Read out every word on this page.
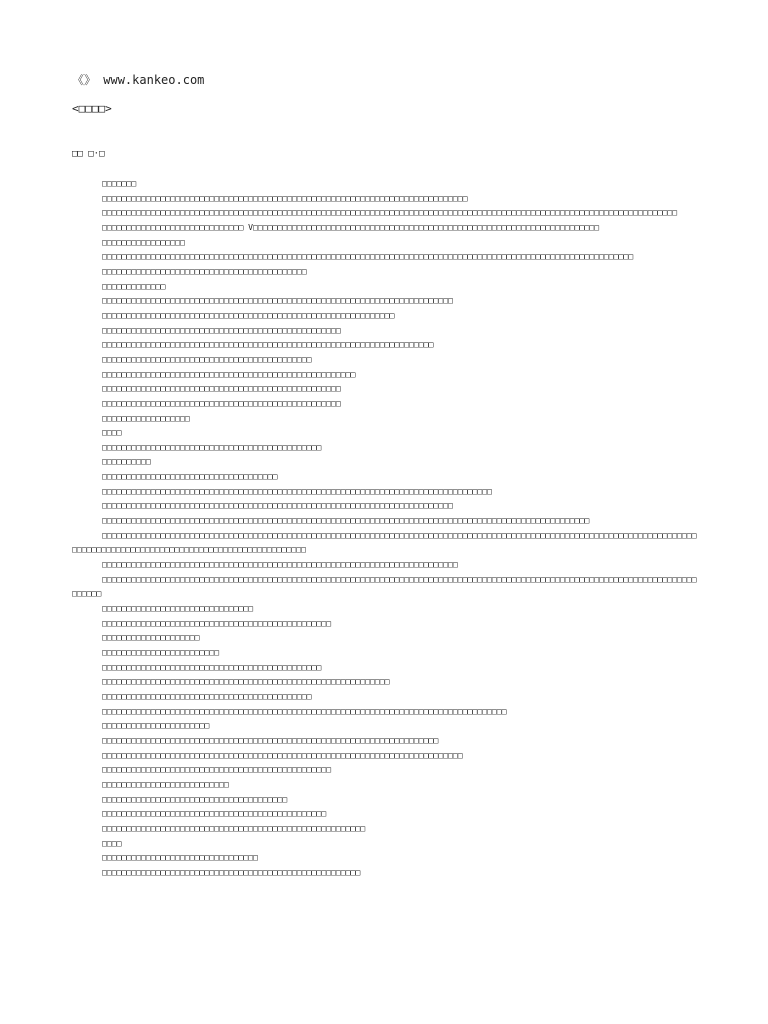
《》 www.kankeo.com
<□□□□>
□□ □·□

□□□□□□□

□□□□□□□□□□□□□□□□□□□□□□□□□□□□□□□□□□□□□□□□□□□□□□□□□□□□□□□□□□□□□□□□□□□□□□□□□□□

□□□□□□□□□□□□□□□□□□□□□□□□□□□□□□□□□□□□□□□□□□□□□□□□□□□□□□□□□□□□□□□□□□□□□□□□□□□□□□□□□□□□□□□□□□□□□□□□□□□□□□□□□□□□□□□□□□□□□□

□□□□□□□□□□□□□□□□□□□□□□□□□□□□□ V□□□□□□□□□□□□□□□□□□□□□□□□□□□□□□□□□□□□□□□□□□□□□□□□□□□□□□□□□□□□□□□□□□□□□□□

□□□□□□□□□□□□□□□□□

□□□□□□□□□□□□□□□□□□□□□□□□□□□□□□□□□□□□□□□□□□□□□□□□□□□□□□□□□□□□□□□□□□□□□□□□□□□□□□□□□□□□□□□□□□□□□□□□□□□□□□□□□□□□□

□□□□□□□□□□□□□□□□□□□□□□□□□□□□□□□□□□□□□□□□□□

□□□□□□□□□□□□□

□□□□□□□□□□□□□□□□□□□□□□□□□□□□□□□□□□□□□□□□□□□□□□□□□□□□□□□□□□□□□□□□□□□□□□□□

□□□□□□□□□□□□□□□□□□□□□□□□□□□□□□□□□□□□□□□□□□□□□□□□□□□□□□□□□□□□

□□□□□□□□□□□□□□□□□□□□□□□□□□□□□□□□□□□□□□□□□□□□□□□□□

□□□□□□□□□□□□□□□□□□□□□□□□□□□□□□□□□□□□□□□□□□□□□□□□□□□□□□□□□□□□□□□□□□□□

□□□□□□□□□□□□□□□□□□□□□□□□□□□□□□□□□□□□□□□□□□□

□□□□□□□□□□□□□□□□□□□□□□□□□□□□□□□□□□□□□□□□□□□□□□□□□□□□

□□□□□□□□□□□□□□□□□□□□□□□□□□□□□□□□□□□□□□□□□□□□□□□□□

□□□□□□□□□□□□□□□□□□□□□□□□□□□□□□□□□□□□□□□□□□□□□□□□□

□□□□□□□□□□□□□□□□□□

□□□□

□□□□□□□□□□□□□□□□□□□□□□□□□□□□□□□□□□□□□□□□□□□□□

□□□□□□□□□□

□□□□□□□□□□□□□□□□□□□□□□□□□□□□□□□□□□□□

□□□□□□□□□□□□□□□□□□□□□□□□□□□□□□□□□□□□□□□□□□□□□□□□□□□□□□□□□□□□□□□□□□□□□□□□□□□□□□□□

□□□□□□□□□□□□□□□□□□□□□□□□□□□□□□□□□□□□□□□□□□□□□□□□□□□□□□□□□□□□□□□□□□□□□□□□

□□□□□□□□□□□□□□□□□□□□□□□□□□□□□□□□□□□□□□□□□□□□□□□□□□□□□□□□□□□□□□□□□□□□□□□□□□□□□□□□□□□□□□□□□□□□□□□□□□□□

□□□□□□□□□□□□□□□□□□□□□□□□□□□□□□□□□□□□□□□□□□□□□□□□□□□□□□□□□□□□□□□□□□□□□□□□□□□□□□□□□□□□□□□□□□□□□□□□□□□□□□□□□□□□□□□□□□□□□□□□□□□□□□□□□□□□□□□□□□□□□□□□□□□□□□□□□□□□□□□□□□□□□□□□□□

□□□□□□□□□□□□□□□□□□□□□□□□□□□□□□□□□□□□□□□□□□□□□□□□□□□□□□□□□□□□□□□□□□□□□□□□□

□□□□□□□□□□□□□□□□□□□□□□□□□□□□□□□□□□□□□□□□□□□□□□□□□□□□□□□□□□□□□□□□□□□□□□□□□□□□□□□□□□□□□□□□□□□□□□□□□□□□□□□□□□□□□□□□□□□□□□□□□□□□□□□□

□□□□□□□□□□□□□□□□□□□□□□□□□□□□□□□

□□□□□□□□□□□□□□□□□□□□□□□□□□□□□□□□□□□□□□□□□□□□□□□

□□□□□□□□□□□□□□□□□□□□

□□□□□□□□□□□□□□□□□□□□□□□□

□□□□□□□□□□□□□□□□□□□□□□□□□□□□□□□□□□□□□□□□□□□□□

□□□□□□□□□□□□□□□□□□□□□□□□□□□□□□□□□□□□□□□□□□□□□□□□□□□□□□□□□□□

□□□□□□□□□□□□□□□□□□□□□□□□□□□□□□□□□□□□□□□□□□□

□□□□□□□□□□□□□□□□□□□□□□□□□□□□□□□□□□□□□□□□□□□□□□□□□□□□□□□□□□□□□□□□□□□□□□□□□□□□□□□□□□□

□□□□□□□□□□□□□□□□□□□□□□

□□□□□□□□□□□□□□□□□□□□□□□□□□□□□□□□□□□□□□□□□□□□□□□□□□□□□□□□□□□□□□□□□□□□□

□□□□□□□□□□□□□□□□□□□□□□□□□□□□□□□□□□□□□□□□□□□□□□□□□□□□□□□□□□□□□□□□□□□□□□□□□□

□□□□□□□□□□□□□□□□□□□□□□□□□□□□□□□□□□□□□□□□□□□□□□□

□□□□□□□□□□□□□□□□□□□□□□□□□□

□□□□□□□□□□□□□□□□□□□□□□□□□□□□□□□□□□□□□□

□□□□□□□□□□□□□□□□□□□□□□□□□□□□□□□□□□□□□□□□□□□□□□

□□□□□□□□□□□□□□□□□□□□□□□□□□□□□□□□□□□□□□□□□□□□□□□□□□□□□□

□□□□

□□□□□□□□□□□□□□□□□□□□□□□□□□□□□□□□

□□□□□□□□□□□□□□□□□□□□□□□□□□□□□□□□□□□□□□□□□□□□□□□□□□□□□
